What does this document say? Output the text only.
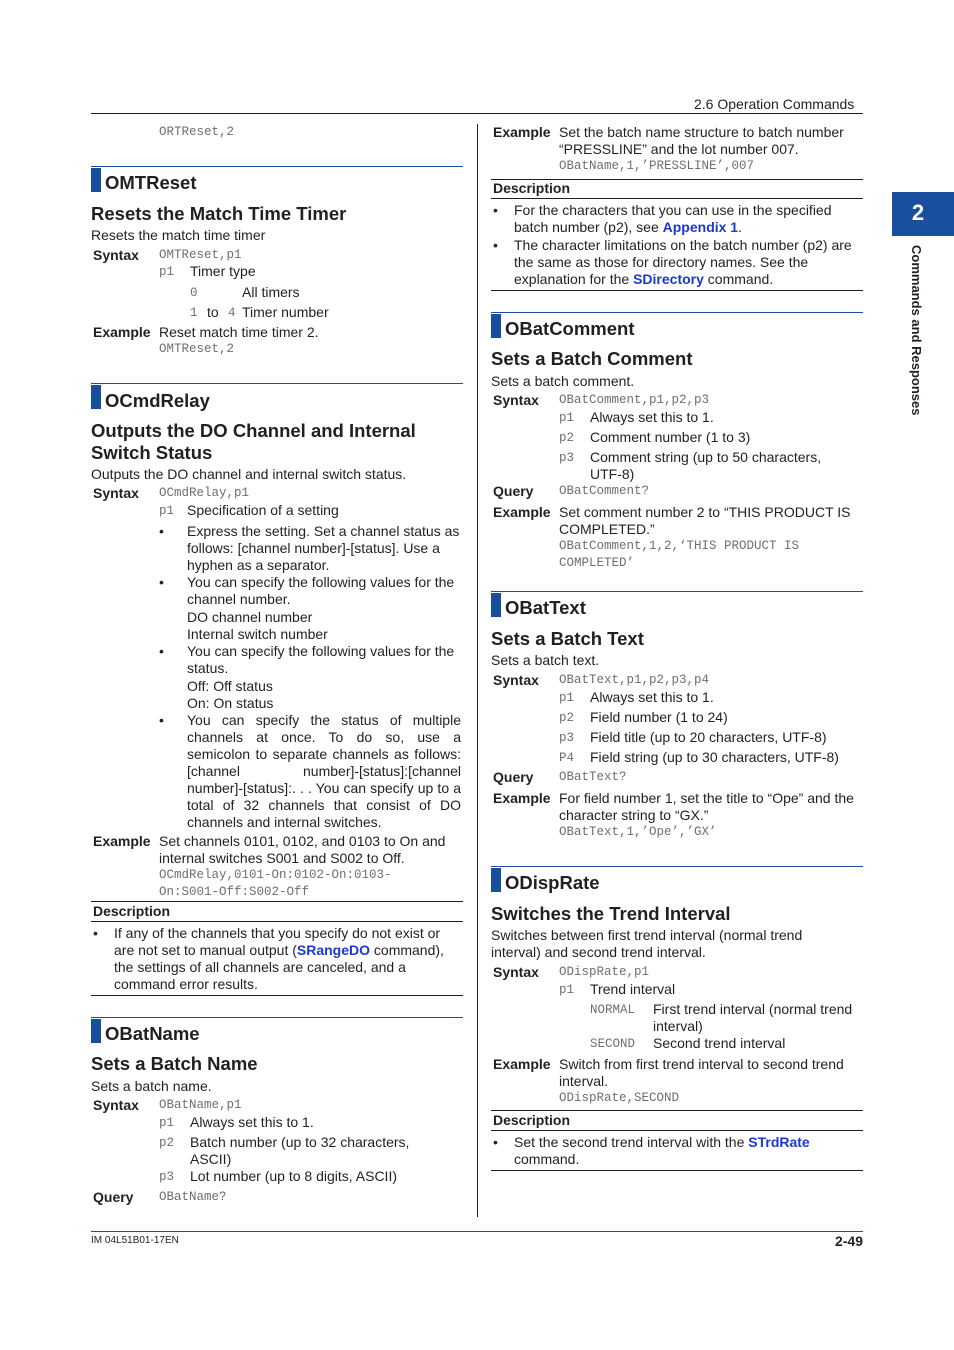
2.6 Operation Commands
2
Commands and Responses
ORTReset,2
OMTReset
Resets the Match Time Timer
Resets the match time timer
Syntax OMTReset,p1
p1 Timer type
0	All timers
1 to 4 Timer number
Example Reset match time timer 2.
OMTReset,2
OCmdRelay
Outputs the DO Channel and Internal Switch Status
Outputs the DO channel and internal switch status.
Syntax OCmdRelay,p1
p1 Specification of a setting
• Express the setting. Set a channel status as follows: [channel number]-[status]. Use a hyphen as a separator.
• You can specify the following values for the channel number.
DO channel number
Internal switch number
• You can specify the following values for the status.
Off: Off status
On: On status
• You can specify the status of multiple channels at once. To do so, use a semicolon to separate channels as follows: [channel number]-[status]:[channel number]-[status]:. . . You can specify up to a total of 32 channels that consist of DO channels and internal switches.
Example Set channels 0101, 0102, and 0103 to On and internal switches S001 and S002 to Off.
OCmdRelay,0101-On:0102-On:0103-
On:S001-Off:S002-Off
Description
• If any of the channels that you specify do not exist or are not set to manual output (SRangeDO command), the settings of all channels are canceled, and a command error results.
OBatName
Sets a Batch Name
Sets a batch name.
Syntax OBatName,p1
p1 Always set this to 1.
p2 Batch number (up to 32 characters, ASCII)
p3 Lot number (up to 8 digits, ASCII)
Query OBatName?
Example Set the batch name structure to batch number “PRESSLINE” and the lot number 007.
OBatName,1,’PRESSLINE’,007
Description
• For the characters that you can use in the specified batch number (p2), see Appendix 1.
• The character limitations on the batch number (p2) are the same as those for directory names. See the explanation for the SDirectory command.
OBatComment
Sets a Batch Comment
Sets a batch comment.
Syntax OBatComment,p1,p2,p3
p1 Always set this to 1.
p2 Comment number (1 to 3)
p3 Comment string (up to 50 characters, UTF-8)
Query OBatComment?
Example Set comment number 2 to “THIS PRODUCT IS COMPLETED.”
OBatComment,1,2,‘THIS PRODUCT IS
COMPLETED’
OBatText
Sets a Batch Text
Sets a batch text.
Syntax OBatText,p1,p2,p3,p4
p1 Always set this to 1.
p2 Field number (1 to 24)
p3 Field title (up to 20 characters, UTF-8)
P4 Field string (up to 30 characters, UTF-8)
Query OBatText?
Example For field number 1, set the title to “Ope” and the character string to “GX.”
OBatText,1,’Ope’,’GX’
ODispRate
Switches the Trend Interval
Switches between first trend interval (normal trend interval) and second trend interval.
Syntax ODispRate,p1
p1 Trend interval
NORMAL First trend interval (normal trend interval)
SECOND Second trend interval
Example Switch from first trend interval to second trend interval.
ODispRate,SECOND
Description
• Set the second trend interval with the STrdRate command.
IM 04L51B01-17EN	2-49
